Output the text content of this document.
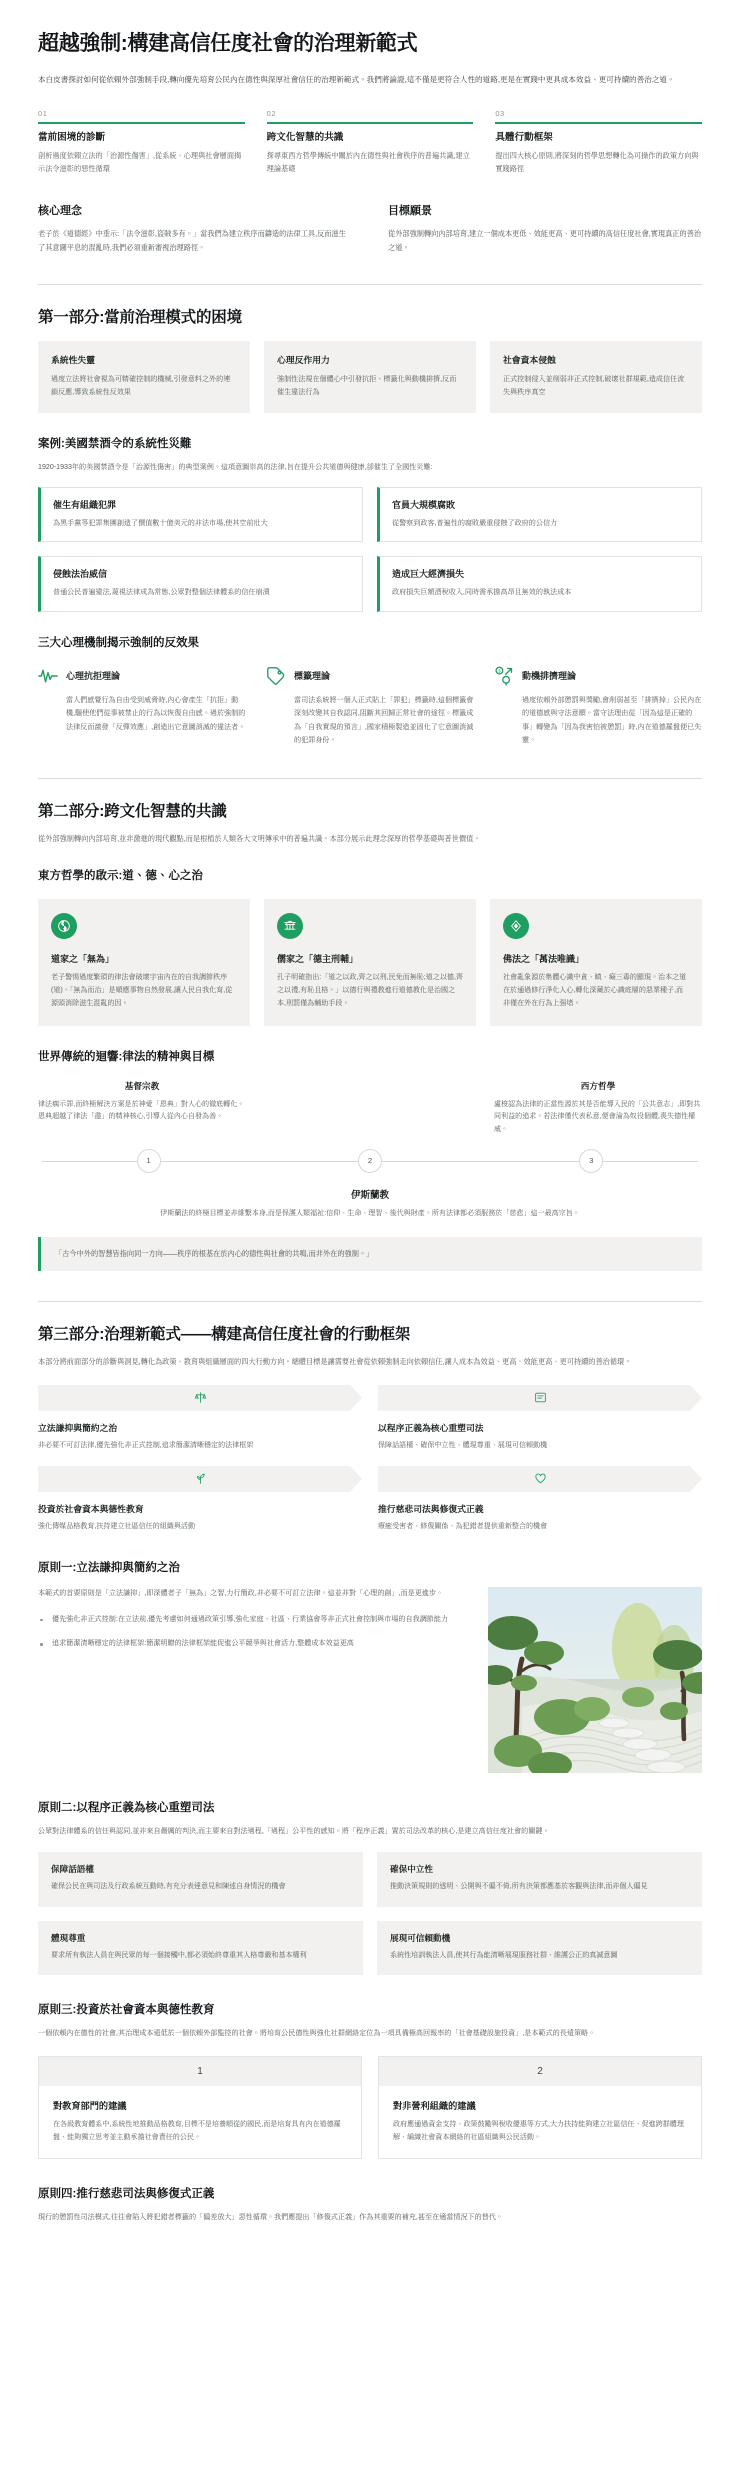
超越強制:構建高信任度社會的治理新範式

本白皮書探討如何從依賴外部強制手段,轉向優先培育公民內在德性與深厚社會信任的治理新範式。我們將論證,這不僅是更符合人性的道路,更是在實踐中更具成本效益、更可持續的善治之道。

01
當前困境的診斷
剖析過度依賴立法的「治源性傷害」,從系統、心理與社會層面揭示法令滋彰的惡性循環
02
跨文化智慧的共識
探尋東西方哲學傳統中關於內在德性與社會秩序的普遍共識,建立理論基礎
03
具體行動框架
提出四大核心原則,將深刻的哲學思想轉化為可操作的政策方向與實踐路徑
核心理念
老子於《道德經》中垂示:「法令滋彰,盜賊多有。」當我們為建立秩序而鑄造的法律工具,反而滋生了其意圖平息的混亂時,我們必須重新審視治理路徑。
目標願景
從外部強制轉向內部培育,建立一個成本更低、效能更高、更可持續的高信任度社會,實現真正的善治之道。
第一部分:當前治理模式的困境
系統性失靈
過度立法將社會視為可精確控制的機械,引發意料之外的連鎖反應,導致系統性反效果
心理反作用力
強制性法規在個體心中引發抗拒、標籤化與動機排擠,反而催生違法行為
社會資本侵蝕
正式控制侵入並削弱非正式控制,破壞社群規範,造成信任流失與秩序真空
案例:美國禁酒令的系統性災難

1920-1933年的美國禁酒令是「治源性傷害」的典型案例。這項意圖崇高的法律,旨在提升公共道德與健康,卻催生了全國性災難:

催生有組織犯罪
為黑手黨等犯罪集團創造了價值數十億美元的非法市場,使其空前壯大
官員大規模腐敗
從警察到政客,普遍性的腐敗嚴重侵蝕了政府的公信力
侵蝕法治威信
普通公民普遍違法,蔑視法律成為常態,公眾對整個法律體系的信任崩潰
造成巨大經濟損失
政府損失巨額酒稅收入,同時需承擔高昂且無效的執法成本
三大心理機制揭示強制的反效果
心理抗拒理論
當人們感覺行為自由受到威脅時,內心會產生「抗拒」動機,驅使他們從事被禁止的行為以恢復自由感。過於強制的法律反而激發「反彈效應」,創造出它意圖消滅的違法者。
標籤理論
當司法系統將一個人正式貼上「罪犯」標籤時,這個標籤會深刻改變其自我認同,阻斷其回歸正常社會的途徑。標籤成為「自我實現的預言」,國家積極製造並固化了它意圖消滅的犯罪身份。
$
動機排擠理論
過度依賴外部懲罰與獎勵,會削弱甚至「排擠掉」公民內在的道德感與守法意願。當守法理由從「因為這是正確的事」轉變為「因為我害怕被懲罰」時,內在道德羅盤便已失靈。
第二部分:跨文化智慧的共識

從外部強制轉向內部培育,並非激進的現代觀點,而是根植於人類各大文明傳承中的普遍共識。本部分展示此理念深厚的哲學基礎與普世價值。

東方哲學的啟示:道、德、心之治
道家之「無為」
老子警惕過度繁瑣的律法會破壞宇宙內在的自我調節秩序(道)。「無為而治」是順應事物自然發展,讓人民自我化育,從源頭消除滋生混亂的因。
儒家之「德主刑輔」
孔子明確指出:「道之以政,齊之以刑,民免而無恥;道之以德,齊之以禮,有恥且格。」以德行與禮教進行道德教化是治國之本,刑罰僅為輔助手段。
佛法之「萬法唯識」
社會亂象源於集體心識中貪、瞋、癡三毒的顯現。治本之道在於通過修行淨化人心,轉化深藏於心識底層的惡業種子,而非僅在外在行為上强堵。
世界傳統的迴響:律法的精神與目標
基督宗教
律法瘸示罪,而終極解決方案是於神愛「恩典」對人心的徹底轉化。恩典超越了律法「盡」的精神核心,引導人從內心自發為善。
西方哲學
盧梭認為法律的正當性源於其是否能導入民的「公共意志」,即對共同利益的追求。若法律僅代表私意,便會淪為奴役個體,喪失德性權威。
1	2	3
伊斯蘭教
伊斯蘭法的終極目標並非維繫本身,而是保護人類福祉:信仰、生命、理智、後代與財產。所有法律都必須服務於「慈悲」這一最高宗旨。
「古今中外的智慧皆指向同一方向——秩序的根基在於內心的德性與社會的共鳴,而非外在的強制。」
第三部分:治理新範式——構建高信任度社會的行動框架

本部分將前面部分的診斷與洞見,轉化為政策、教育與組織層面的四大行動方向。總體目標是讓需要社會從依賴強制走向依賴信任,讓人成本為效益、更高、效能更高、更可持續的善治循環。

立法謙抑與簡約之治
非必要不可訂法律,優先強化非正式控制,追求簡潔清晰穩定的法律框架
以程序正義為核心重塑司法
保障話語權、確保中立性、體現尊重、展現可信賴動機
投資於社會資本與德性教育
強化傳媒品格教育,扶持建立社區信任的組織與活動
推行慈悲司法與修復式正義
療癒受害者、修復關係、為犯錯者提供重新整合的機會
原則一:立法謙抑與簡約之治

本範式的首要原則是「立法謙抑」,即深體者子「無為」之智,力行簡政,非必要不可訂立法律。這並非對「心理的創」,而是更進步。

優先強化非正式控制:在立法前,優先考慮如何通過政策引導,強化家庭、社區、行業協會等非正式社會控制與市場的自我調節能力
追求簡潔清晰穩定的法律框架:簡潔明瞭的法律框架能促進公平競爭與社會活力,整體成本效益更高
原則二:以程序正義為核心重塑司法

公眾對法律體系的信任與認同,並非來自嚴厲的判決,而主要來自對法過程,「過程」公平性的感知。將「程序正義」置於司法改革的核心,是建立高信任度社會的關鍵。

保障話語權
確保公民在與司法及行政系統互動時,有充分表達意見和陳述自身情況的機會
確保中立性
推動決策規則的透明、公開與不偏不倚,所有決策都應基於客觀與法律,而非個人偏見
體現尊重
要求所有執法人員在與民眾的每一個接觸中,都必須始終尊重其人格尊嚴和基本權利
展現可信賴動機
系統性培訓執法人員,使其行為能清晰展現服務社群、維護公正的真誠意圖
原則三:投資於社會資本與德性教育

一個依賴內在德性的社會,其治理成本遠低於一個依賴外部監控的社會。將培育公民德性與強化社群網絡定位為一項具備極高回報率的「社會基礎設施投資」,是本範式的長遠策略。

1
對教育部門的建議
在各級教育體系中,系統性地推動品格教育,目標不是培養順從的國民,而是培育具有內在道德羅盤、能夠獨立思考並主動承擔社會責任的公民。
2
對非營利組織的建議
政府應通過資金支持、政策鼓勵與稅收優惠等方式,大力扶持能夠建立社區信任、促進跨群體理解、編織社會資本網絡的社區組織與公民活動。
原則四:推行慈悲司法與修復式正義

現行的懲罰性司法模式,往往會陷入將犯錯者標籤的「偏差放大」惡性循環。我們應提出「修復式正義」作為其重要的補充,甚至在適當情況下的替代。
